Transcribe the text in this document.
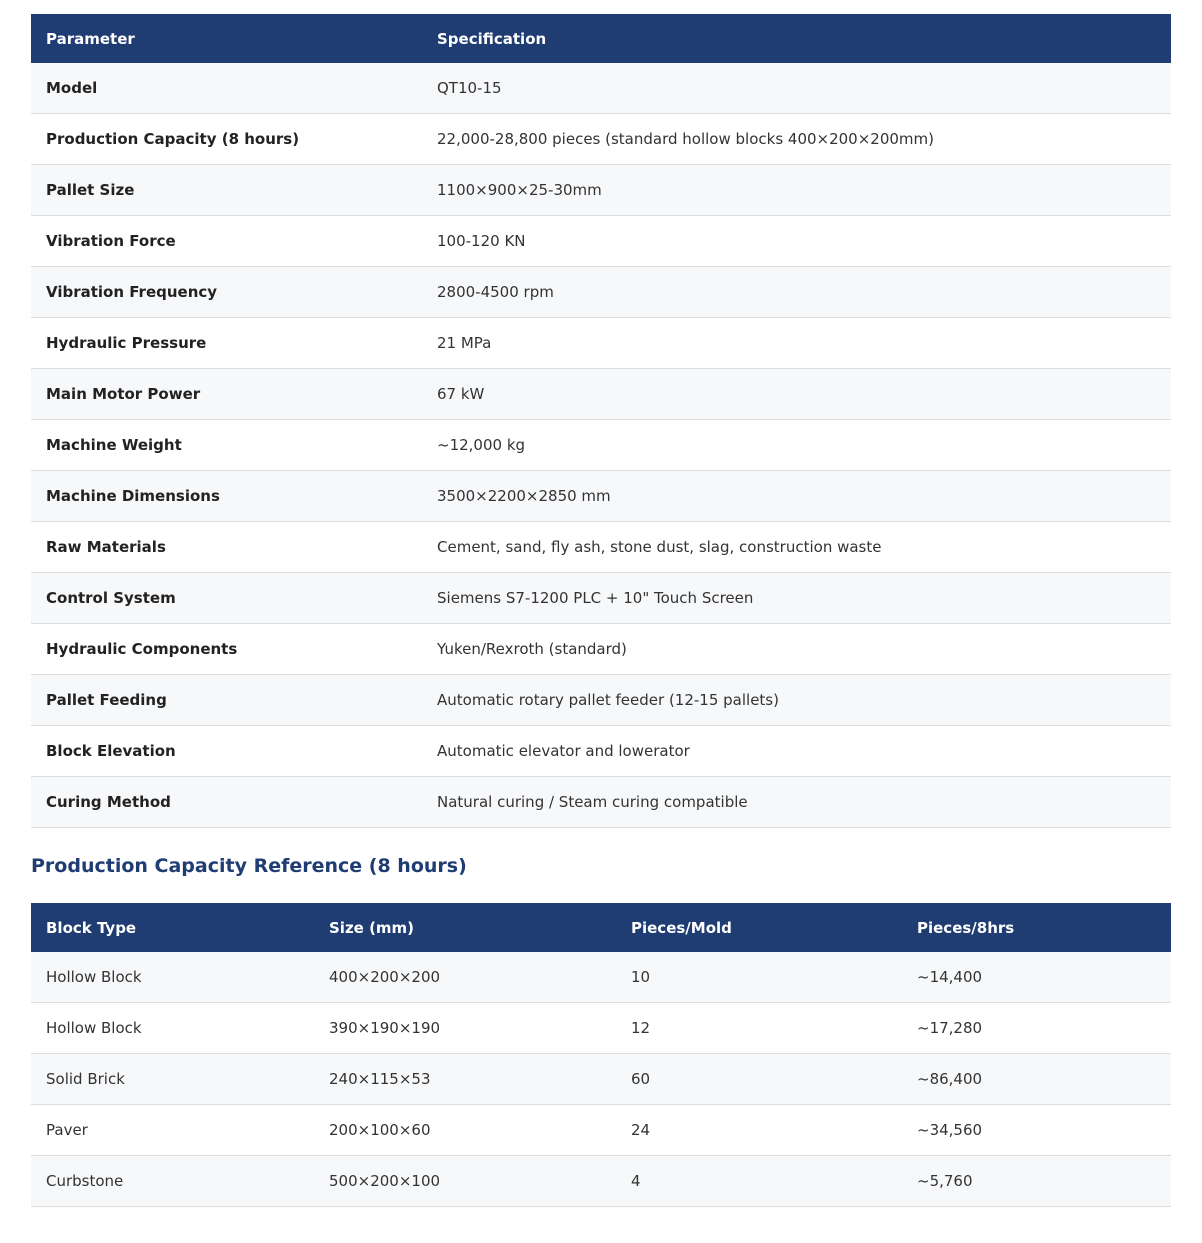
Parameter	Specification
Model	QT10-15
Production Capacity (8 hours)	22,000-28,800 pieces (standard hollow blocks 400×200×200mm)
Pallet Size	1100×900×25-30mm
Vibration Force	100-120 KN
Vibration Frequency	2800-4500 rpm
Hydraulic Pressure	21 MPa
Main Motor Power	67 kW
Machine Weight	~12,000 kg
Machine Dimensions	3500×2200×2850 mm
Raw Materials	Cement, sand, fly ash, stone dust, slag, construction waste
Control System	Siemens S7-1200 PLC + 10" Touch Screen
Hydraulic Components	Yuken/Rexroth (standard)
Pallet Feeding	Automatic rotary pallet feeder (12-15 pallets)
Block Elevation	Automatic elevator and lowerator
Curing Method	Natural curing / Steam curing compatible
Production Capacity Reference (8 hours)
Block Type	Size (mm)	Pieces/Mold	Pieces/8hrs
Hollow Block	400×200×200	10	~14,400
Hollow Block	390×190×190	12	~17,280
Solid Brick	240×115×53	60	~86,400
Paver	200×100×60	24	~34,560
Curbstone	500×200×100	4	~5,760
